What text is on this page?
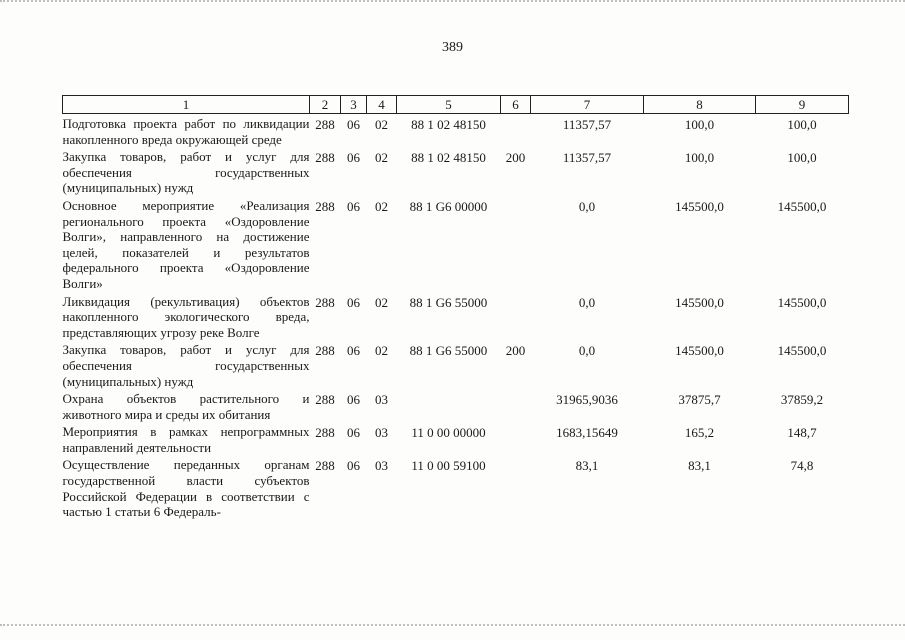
389
1	2	3	4	5	6	7	8	9
Подготовка проекта работ по ликвидации накопленного вреда окружающей среде	288	06	02	88 1 02 48150		11357,57	100,0	100,0
Закупка товаров, работ и услуг для обеспечения государственных (муниципальных) нужд	288	06	02	88 1 02 48150	200	11357,57	100,0	100,0
Основное мероприятие «Реализация регионального проекта «Оздоровление Волги», направленного на достижение целей, показателей и результатов федерального проекта «Оздоровление Волги»	288	06	02	88 1 G6 00000		0,0	145500,0	145500,0
Ликвидация (рекультивация) объектов накопленного экологического вреда, представляющих угрозу реке Волге	288	06	02	88 1 G6 55000		0,0	145500,0	145500,0
Закупка товаров, работ и услуг для обеспечения государственных (муниципальных) нужд	288	06	02	88 1 G6 55000	200	0,0	145500,0	145500,0
Охрана объектов растительного и животного мира и среды их обитания	288	06	03			31965,9036	37875,7	37859,2
Мероприятия в рамках непрограммных направлений деятельности	288	06	03	11 0 00 00000		1683,15649	165,2	148,7
Осуществление переданных органам государственной власти субъектов Российской Федерации в соответствии с частью 1 статьи 6 Федераль-	288	06	03	11 0 00 59100		83,1	83,1	74,8
